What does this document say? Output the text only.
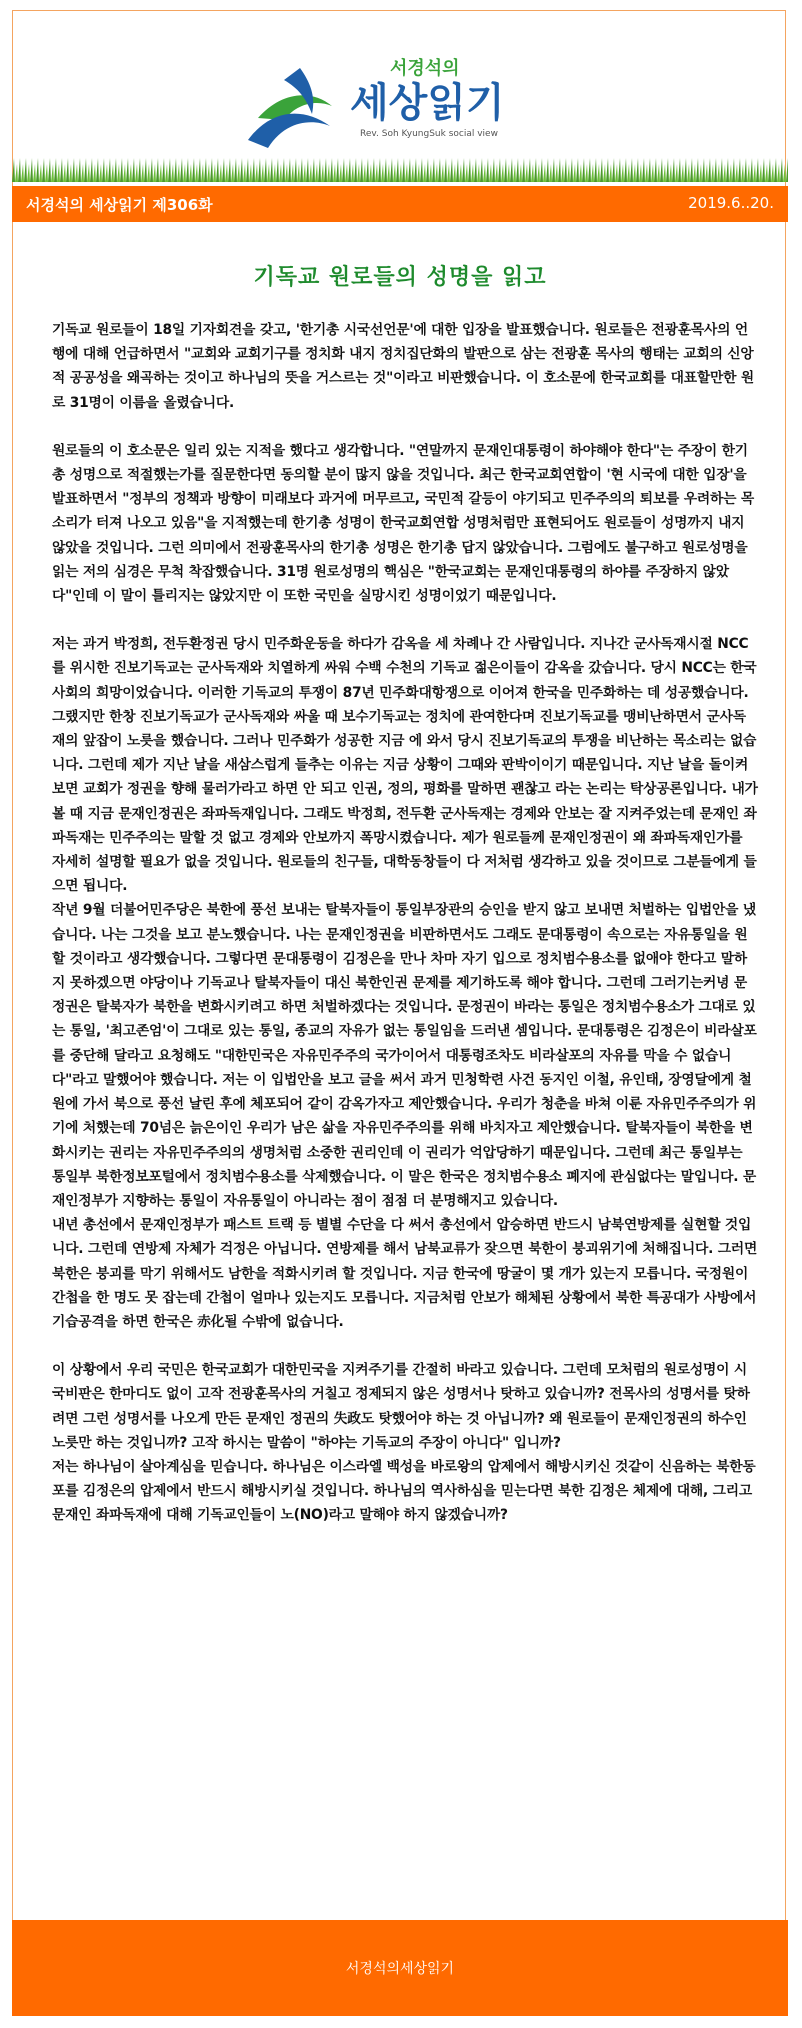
서경석의
세상읽기
Rev. Soh KyungSuk social view
서경석의 세상읽기 제306화	2019.6..20.
기독교 원로들의 성명을 읽고

기독교 원로들이 18일 기자회견을 갖고, '한기총 시국선언문'에 대한 입장을 발표했습니다. 원로들은 전광훈목사의 언행에 대해 언급하면서 "교회와 교회기구를 정치화 내지 정치집단화의 발판으로 삼는 전광훈 목사의 행태는 교회의 신앙적 공공성을 왜곡하는 것이고 하나님의 뜻을 거스르는 것"이라고 비판했습니다. 이 호소문에 한국교회를 대표할만한 원로 31명이 이름을 올렸습니다.

원로들의 이 호소문은 일리 있는 지적을 했다고 생각합니다. "연말까지 문재인대통령이 하야해야 한다"는 주장이 한기총 성명으로 적절했는가를 질문한다면 동의할 분이 많지 않을 것입니다. 최근 한국교회연합이 '현 시국에 대한 입장'을 발표하면서 "정부의 정책과 방향이 미래보다 과거에 머무르고, 국민적 갈등이 야기되고 민주주의의 퇴보를 우려하는 목소리가 터져 나오고 있음"을 지적했는데 한기총 성명이 한국교회연합 성명처럼만 표현되어도 원로들이 성명까지 내지 않았을 것입니다. 그런 의미에서 전광훈목사의 한기총 성명은 한기총 답지 않았습니다. 그럼에도 불구하고 원로성명을 읽는 저의 심경은 무척 착잡했습니다. 31명 원로성명의 핵심은 "한국교회는 문재인대통령의 하야를 주장하지 않았다"인데 이 말이 틀리지는 않았지만 이 또한 국민을 실망시킨 성명이었기 때문입니다.

저는 과거 박정희, 전두환정권 당시 민주화운동을 하다가 감옥을 세 차례나 간 사람입니다. 지나간 군사독재시절 NCC를 위시한 진보기독교는 군사독재와 치열하게 싸워 수백 수천의 기독교 젊은이들이 감옥을 갔습니다. 당시 NCC는 한국사회의 희망이었습니다. 이러한 기독교의 투쟁이 87년 민주화대항쟁으로 이어져 한국을 민주화하는 데 성공했습니다. 그랬지만 한창 진보기독교가 군사독재와 싸울 때 보수기독교는 정치에 관여한다며 진보기독교를 맹비난하면서 군사독재의 앞잡이 노릇을 했습니다. 그러나 민주화가 성공한 지금 에 와서 당시 진보기독교의 투쟁을 비난하는 목소리는 없습니다. 그런데 제가 지난 날을 새삼스럽게 들추는 이유는 지금 상황이 그때와 판박이이기 때문입니다. 지난 날을 돌이켜보면 교회가 정권을 향해 물러가라고 하면 안 되고 인권, 정의, 평화를 말하면 괜찮고 라는 논리는 탁상공론입니다. 내가 볼 때 지금 문재인정권은 좌파독재입니다. 그래도 박정희, 전두환 군사독재는 경제와 안보는 잘 지켜주었는데 문재인 좌파독재는 민주주의는 말할 것 없고 경제와 안보까지 폭망시켰습니다. 제가 원로들께 문재인정권이 왜 좌파독재인가를 자세히 설명할 필요가 없을 것입니다. 원로들의 친구들, 대학동창들이 다 저처럼 생각하고 있을 것이므로 그분들에게 들으면 됩니다.

작년 9월 더불어민주당은 북한에 풍선 보내는 탈북자들이 통일부장관의 승인을 받지 않고 보내면 처벌하는 입법안을 냈습니다. 나는 그것을 보고 분노했습니다. 나는 문재인정권을 비판하면서도 그래도 문대통령이 속으로는 자유통일을 원할 것이라고 생각했습니다. 그렇다면 문대통령이 김정은을 만나 차마 자기 입으로 정치범수용소를 없애야 한다고 말하지 못하겠으면 야당이나 기독교나 탈북자들이 대신 북한인권 문제를 제기하도록 해야 합니다. 그런데 그러기는커녕 문정권은 탈북자가 북한을 변화시키려고 하면 처벌하겠다는 것입니다. 문정권이 바라는 통일은 정치범수용소가 그대로 있는 통일, '최고존엄'이 그대로 있는 통일, 종교의 자유가 없는 통일임을 드러낸 셈입니다. 문대통령은 김정은이 비라살포를 중단해 달라고 요청해도 "대한민국은 자유민주주의 국가이어서 대통령조차도 비라살포의 자유를 막을 수 없습니다"라고 말했어야 했습니다. 저는 이 입법안을 보고 글을 써서 과거 민청학련 사건 동지인 이철, 유인태, 장영달에게 철원에 가서 북으로 풍선 날린 후에 체포되어 같이 감옥가자고 제안했습니다. 우리가 청춘을 바쳐 이룬 자유민주주의가 위기에 처했는데 70넘은 늙은이인 우리가 남은 삶을 자유민주주의를 위해 바치자고 제안했습니다. 탈북자들이 북한을 변화시키는 권리는 자유민주주의의 생명처럼 소중한 권리인데 이 권리가 억압당하기 때문입니다. 그런데 최근 통일부는 통일부 북한정보포털에서 정치범수용소를 삭제했습니다. 이 말은 한국은 정치범수용소 폐지에 관심없다는 말입니다. 문재인정부가 지향하는 통일이 자유통일이 아니라는 점이 점점 더 분명해지고 있습니다.

내년 총선에서 문재인정부가 패스트 트랙 등 별별 수단을 다 써서 총선에서 압승하면 반드시 남북연방제를 실현할 것입니다. 그런데 연방제 자체가 걱정은 아닙니다. 연방제를 해서 남북교류가 잦으면 북한이 붕괴위기에 처해집니다. 그러면 북한은 붕괴를 막기 위해서도 남한을 적화시키려 할 것입니다. 지금 한국에 땅굴이 몇 개가 있는지 모릅니다. 국정원이 간첩을 한 명도 못 잡는데 간첩이 얼마나 있는지도 모릅니다. 지금처럼 안보가 해체된 상황에서 북한 특공대가 사방에서 기습공격을 하면 한국은 赤化될 수밖에 없습니다.

이 상황에서 우리 국민은 한국교회가 대한민국을 지켜주기를 간절히 바라고 있습니다. 그런데 모처럼의 원로성명이 시국비판은 한마디도 없이 고작 전광훈목사의 거칠고 정제되지 않은 성명서나 탓하고 있습니까? 전목사의 성명서를 탓하려면 그런 성명서를 나오게 만든 문재인 정권의 失政도 탓했어야 하는 것 아닙니까? 왜 원로들이 문재인정권의 하수인 노릇만 하는 것입니까? 고작 하시는 말씀이 "하야는 기독교의 주장이 아니다" 입니까?

저는 하나님이 살아계심을 믿습니다. 하나님은 이스라엘 백성을 바로왕의 압제에서 해방시키신 것같이 신음하는 북한동포를 김정은의 압제에서 반드시 해방시키실 것입니다. 하나님의 역사하심을 믿는다면 북한 김정은 체제에 대해, 그리고 문재인 좌파독재에 대해 기독교인들이 노(NO)라고 말해야 하지 않겠습니까?

서경석의세상읽기
